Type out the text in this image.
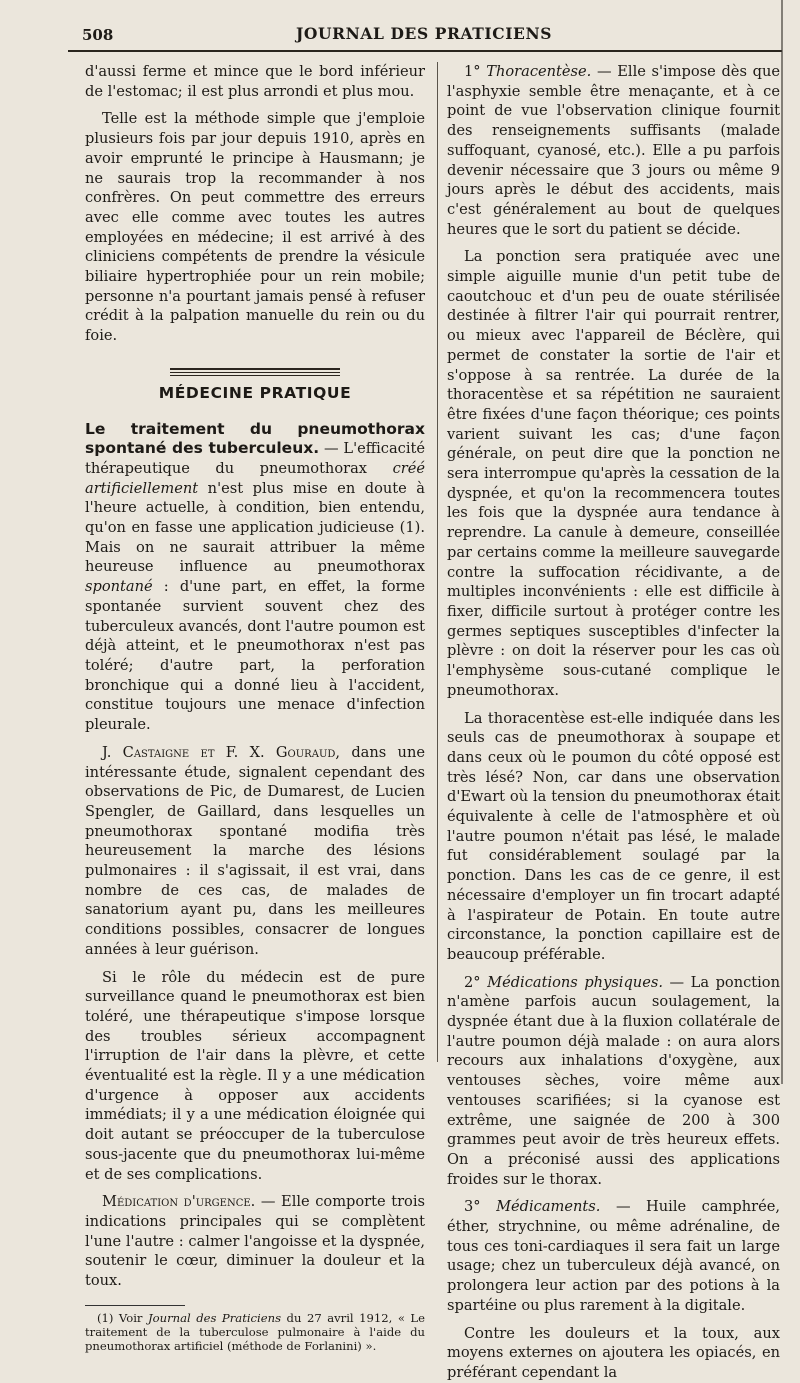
508	JOURNAL DES PRATICIENS

d'aussi ferme et mince que le bord inférieur de l'estomac; il est plus arrondi et plus mou.

Telle est la méthode simple que j'emploie plusieurs fois par jour depuis 1910, après en avoir emprunté le principe à Hausmann; je ne saurais trop la recommander à nos confrères. On peut commettre des erreurs avec elle comme avec toutes les autres employées en médecine; il est arrivé à des cliniciens compétents de prendre la vésicule biliaire hypertrophiée pour un rein mobile; personne n'a pourtant jamais pensé à refuser crédit à la palpation manuelle du rein ou du foie.

MÉDECINE PRATIQUE

Le traitement du pneumothorax spontané des tuberculeux. — L'efficacité thérapeutique du pneumothorax créé artificiellement n'est plus mise en doute à l'heure actuelle, à condition, bien entendu, qu'on en fasse une application judicieuse (1). Mais on ne saurait attribuer la même heureuse influence au pneumothorax spontané : d'une part, en effet, la forme spontanée survient souvent chez des tuberculeux avancés, dont l'autre poumon est déjà atteint, et le pneumothorax n'est pas toléré; d'autre part, la perforation bronchique qui a donné lieu à l'accident, constitue toujours une menace d'infection pleurale.

J. Castaigne et F. X. Gouraud, dans une intéressante étude, signalent cependant des observations de Pic, de Dumarest, de Lucien Spengler, de Gaillard, dans lesquelles un pneumothorax spontané modifia très heureusement la marche des lésions pulmonaires : il s'agissait, il est vrai, dans nombre de ces cas, de malades de sanatorium ayant pu, dans les meilleures conditions possibles, consacrer de longues années à leur guérison.

Si le rôle du médecin est de pure surveillance quand le pneumothorax est bien toléré, une thérapeutique s'impose lorsque des troubles sérieux accompagnent l'irruption de l'air dans la plèvre, et cette éventualité est la règle. Il y a une médication d'urgence à opposer aux accidents immédiats; il y a une médication éloignée qui doit autant se préoccuper de la tuberculose sous-jacente que du pneumothorax lui-même et de ses complications.

Médication d'urgence. — Elle comporte trois indications principales qui se complètent l'une l'autre : calmer l'angoisse et la dyspnée, soutenir le cœur, diminuer la douleur et la toux.

(1) Voir Journal des Praticiens du 27 avril 1912, « Le traitement de la tuberculose pulmonaire à l'aide du pneumothorax artificiel (méthode de Forlanini) ».

1° Thoracentèse. — Elle s'impose dès que l'asphyxie semble être menaçante, et à ce point de vue l'observation clinique fournit des renseignements suffisants (malade suffoquant, cyanosé, etc.). Elle a pu parfois devenir nécessaire que 3 jours ou même 9 jours après le début des accidents, mais c'est généralement au bout de quelques heures que le sort du patient se décide.

La ponction sera pratiquée avec une simple aiguille munie d'un petit tube de caoutchouc et d'un peu de ouate stérilisée destinée à filtrer l'air qui pourrait rentrer, ou mieux avec l'appareil de Béclère, qui permet de constater la sortie de l'air et s'oppose à sa rentrée. La durée de la thoracentèse et sa répétition ne sauraient être fixées d'une façon théorique; ces points varient suivant les cas; d'une façon générale, on peut dire que la ponction ne sera interrompue qu'après la cessation de la dyspnée, et qu'on la recommencera toutes les fois que la dyspnée aura tendance à reprendre. La canule à demeure, conseillée par certains comme la meilleure sauvegarde contre la suffocation récidivante, a de multiples inconvénients : elle est difficile à fixer, difficile surtout à protéger contre les germes septiques susceptibles d'infecter la plèvre : on doit la réserver pour les cas où l'emphysème sous-cutané complique le pneumothorax.

La thoracentèse est-elle indiquée dans les seuls cas de pneumothorax à soupape et dans ceux où le poumon du côté opposé est très lésé? Non, car dans une observation d'Ewart où la tension du pneumothorax était équivalente à celle de l'atmosphère et où l'autre poumon n'était pas lésé, le malade fut considérablement soulagé par la ponction. Dans les cas de ce genre, il est nécessaire d'employer un fin trocart adapté à l'aspirateur de Potain. En toute autre circonstance, la ponction capillaire est de beaucoup préférable.

2° Médications physiques. — La ponction n'amène parfois aucun soulagement, la dyspnée étant due à la fluxion collatérale de l'autre poumon déjà malade : on aura alors recours aux inhalations d'oxygène, aux ventouses sèches, voire même aux ventouses scarifiées; si la cyanose est extrême, une saignée de 200 à 300 grammes peut avoir de très heureux effets. On a préconisé aussi des applications froides sur le thorax.

3° Médicaments. — Huile camphrée, éther, strychnine, ou même adrénaline, de tous ces toni-cardiaques il sera fait un large usage; chez un tuberculeux déjà avancé, on prolongera leur action par des potions à la spartéine ou plus rarement à la digitale.

Contre les douleurs et la toux, aux moyens externes on ajoutera les opiacés, en préférant cependant la
